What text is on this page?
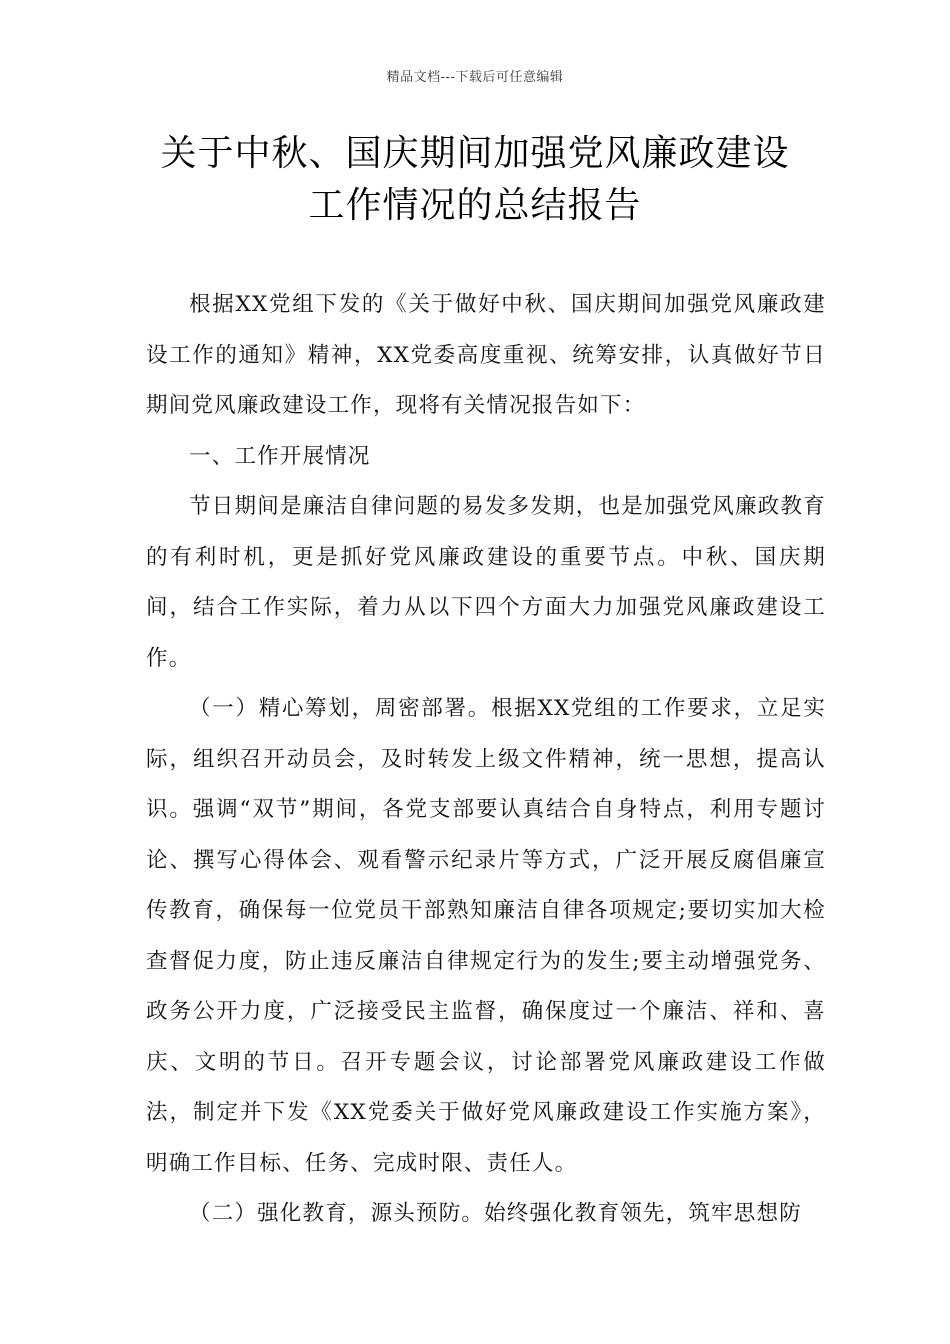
精品文档---下载后可任意编辑
关于中秋、国庆期间加强党风廉政建设
工作情况的总结报告

根据XX党组下发的《关于做好中秋、国庆期间加强党风廉政建设工作的通知》精神，XX党委高度重视、统筹安排，认真做好节日期间党风廉政建设工作，现将有关情况报告如下：

一、工作开展情况

节日期间是廉洁自律问题的易发多发期，也是加强党风廉政教育的有利时机，更是抓好党风廉政建设的重要节点。中秋、国庆期间，结合工作实际，着力从以下四个方面大力加强党风廉政建设工作。

（一）精心筹划，周密部署。根据XX党组的工作要求，立足实际，组织召开动员会，及时转发上级文件精神，统一思想，提高认识。强调“双节”期间，各党支部要认真结合自身特点，利用专题讨论、撰写心得体会、观看警示纪录片等方式，广泛开展反腐倡廉宣传教育，确保每一位党员干部熟知廉洁自律各项规定;要切实加大检查督促力度，防止违反廉洁自律规定行为的发生;要主动增强党务、政务公开力度，广泛接受民主监督，确保度过一个廉洁、祥和、喜庆、文明的节日。召开专题会议，讨论部署党风廉政建设工作做法，制定并下发《XX党委关于做好党风廉政建设工作实施方案》，明确工作目标、任务、完成时限、责任人。

（二）强化教育，源头预防。始终强化教育领先，筑牢思想防
